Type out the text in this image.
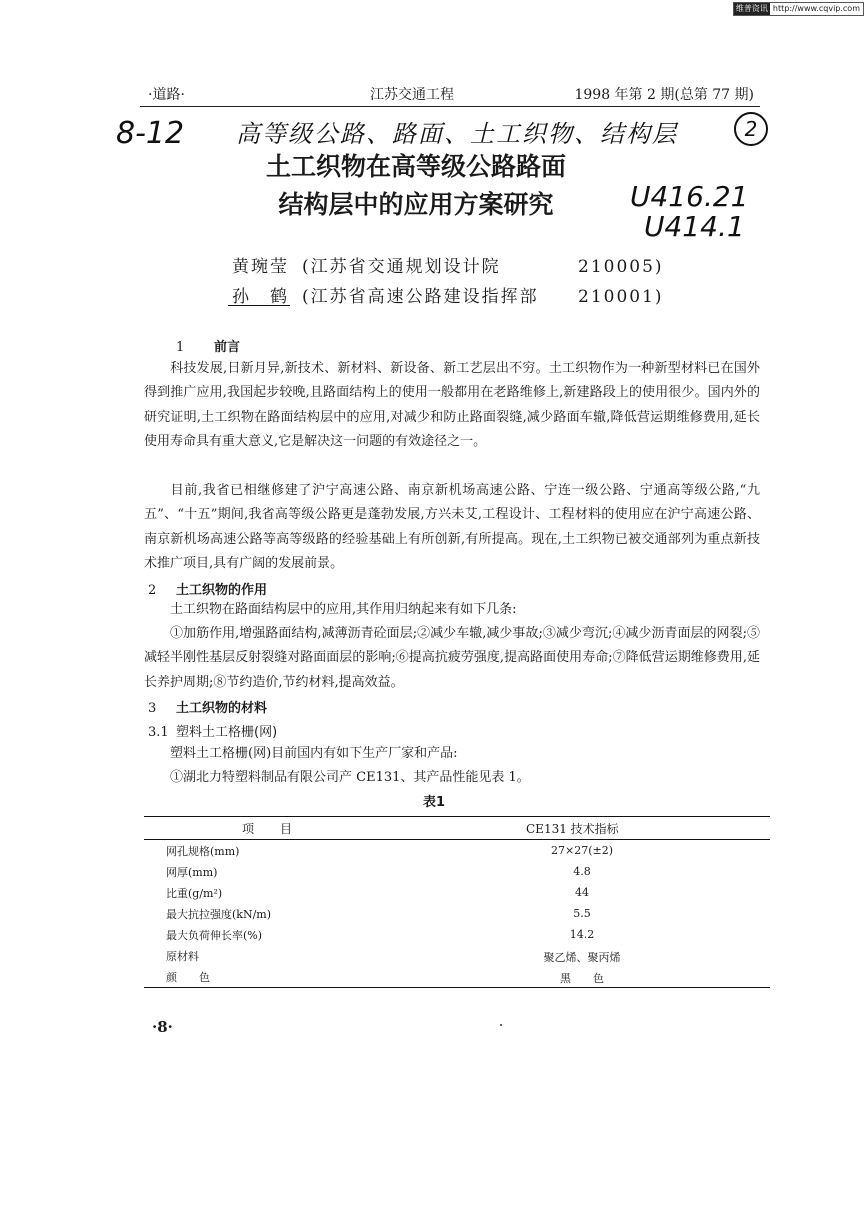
维普资讯 http://www.cqvip.com
·道路·	江苏交通工程	1998 年第 2 期(总第 77 期)
8-12 高等级公路、路面、土工织物、结构层	2
U416.21
U414.1
土工织物在高等级公路路面
结构层中的应用方案研究
黄琬莹 (江苏省交通规划设计院	210005)
孙　鹤 (江苏省高速公路建设指挥部 210001)
1 前言
科技发展,日新月异,新技术、新材料、新设备、新工艺层出不穷。土工织物作为一种新型材料已在国外得到推广应用,我国起步较晚,且路面结构上的使用一般都用在老路维修上,新建路段上的使用很少。国内外的研究证明,土工织物在路面结构层中的应用,对减少和防止路面裂缝,减少路面车辙,降低营运期维修费用,延长使用寿命具有重大意义,它是解决这一问题的有效途径之一。
目前,我省已相继修建了沪宁高速公路、南京新机场高速公路、宁连一级公路、宁通高等级公路,“九五”、“十五”期间,我省高等级公路更是蓬勃发展,方兴未艾,工程设计、工程材料的使用应在沪宁高速公路、南京新机场高速公路等高等级路的经验基础上有所创新,有所提高。现在,土工织物已被交通部列为重点新技术推广项目,具有广阔的发展前景。
2 土工织物的作用
土工织物在路面结构层中的应用,其作用归纳起来有如下几条:
①加筋作用,增强路面结构,减薄沥青砼面层;②减少车辙,减少事故;③减少弯沉;④减少沥青面层的网裂;⑤减轻半刚性基层反射裂缝对路面面层的影响;⑥提高抗疲劳强度,提高路面使用寿命;⑦降低营运期维修费用,延长养护周期;⑧节约造价,节约材料,提高效益。
3 土工织物的材料
3.1 塑料土工格栅(网)
塑料土工格栅(网)目前国内有如下生产厂家和产品:
①湖北力特塑料制品有限公司产 CE131、其产品性能见表 1。
表1
项目	CE131 技术指标
网孔规格(mm)	27×27(±2)
网厚(mm)	4.8
比重(g/m²)	44
最大抗拉强度(kN/m)	5.5
最大负荷伸长率(%)	14.2
原材料	聚乙烯、聚丙烯
颜　　色	黑　　色
·8·
